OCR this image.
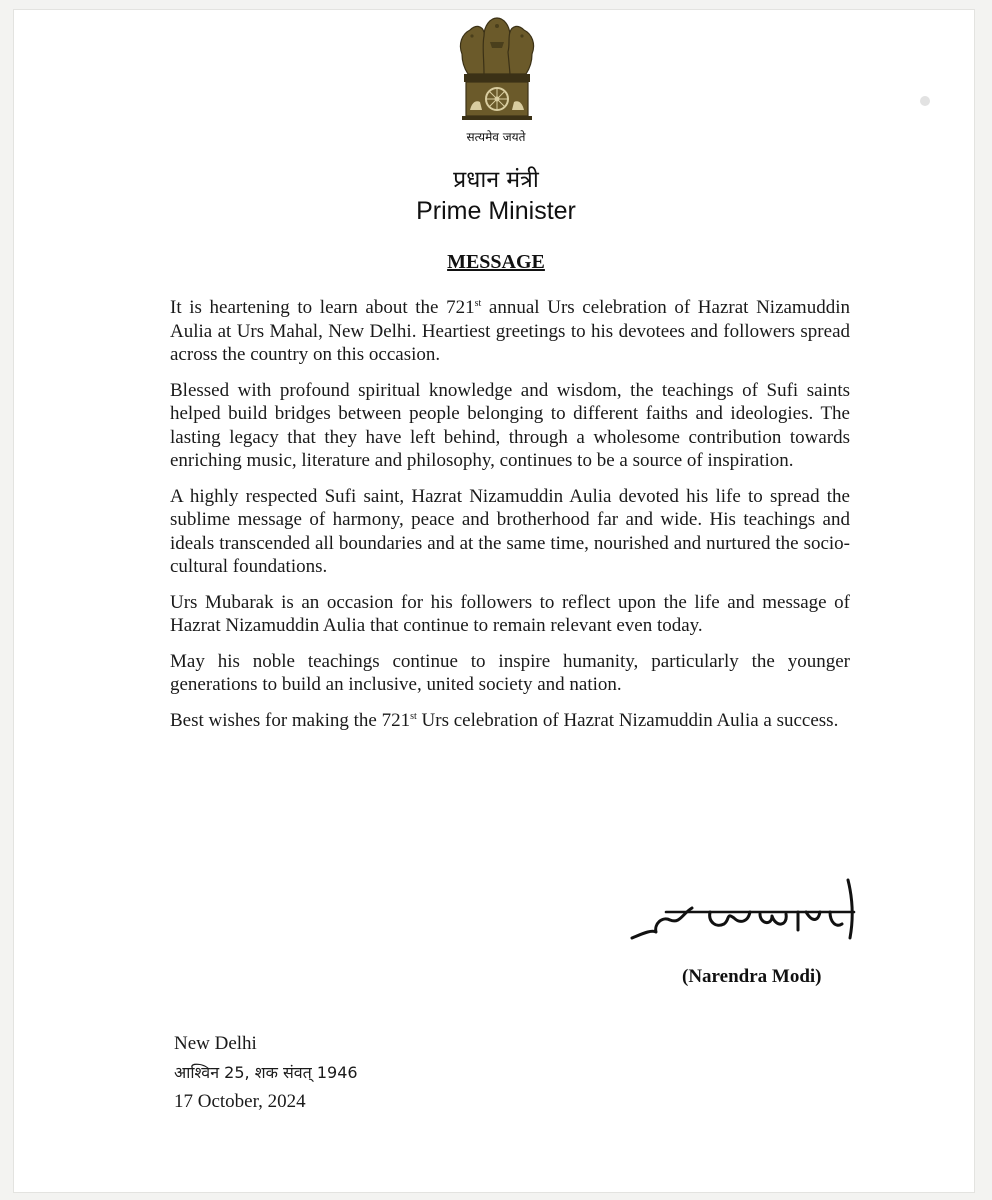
सत्यमेव जयते
प्रधान मंत्री
Prime Minister
MESSAGE

It is heartening to learn about the 721st annual Urs celebration of Hazrat Nizamuddin Aulia at Urs Mahal, New Delhi. Heartiest greetings to his devotees and followers spread across the country on this occasion.

Blessed with profound spiritual knowledge and wisdom, the teachings of Sufi saints helped build bridges between people belonging to different faiths and ideologies. The lasting legacy that they have left behind, through a wholesome contribution towards enriching music, literature and philosophy, continues to be a source of inspiration.

A highly respected Sufi saint, Hazrat Nizamuddin Aulia devoted his life to spread the sublime message of harmony, peace and brotherhood far and wide. His teachings and ideals transcended all boundaries and at the same time, nourished and nurtured the socio-cultural foundations.

Urs Mubarak is an occasion for his followers to reflect upon the life and message of Hazrat Nizamuddin Aulia that continue to remain relevant even today.

May his noble teachings continue to inspire humanity, particularly the younger generations to build an inclusive, united society and nation.

Best wishes for making the 721st Urs celebration of Hazrat Nizamuddin Aulia a success.

(Narendra Modi)
New Delhi
आश्विन 25, शक संवत् 1946
17 October, 2024
